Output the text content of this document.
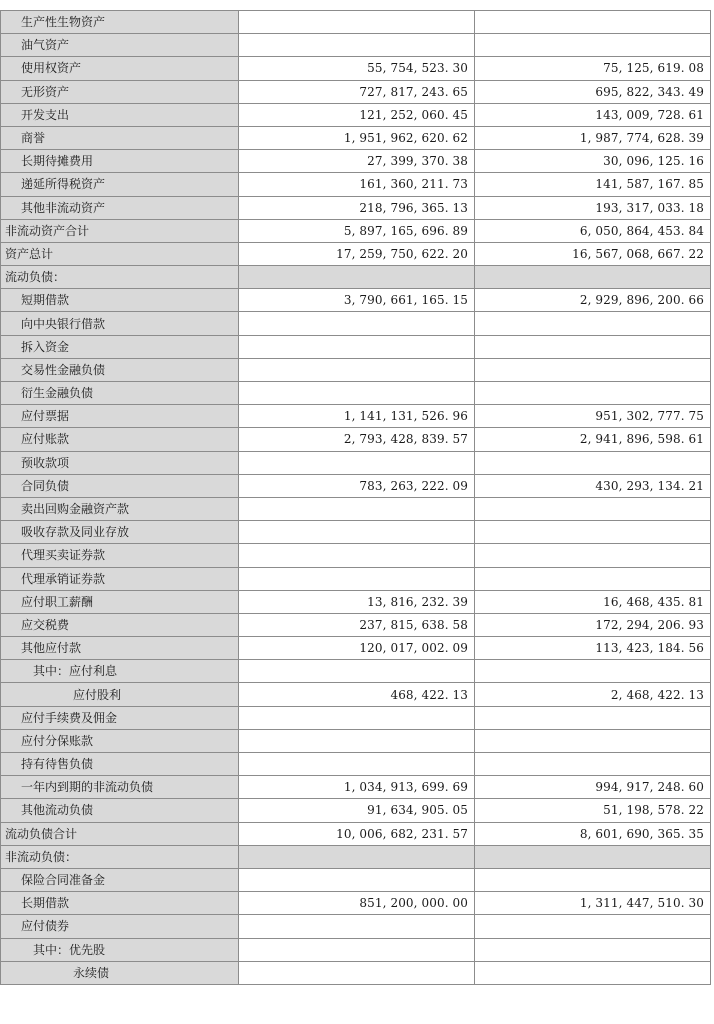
生产性生物资产		
油气资产		
使用权资产	55, 754, 523. 30	75, 125, 619. 08
无形资产	727, 817, 243. 65	695, 822, 343. 49
开发支出	121, 252, 060. 45	143, 009, 728. 61
商誉	1, 951, 962, 620. 62	1, 987, 774, 628. 39
长期待摊费用	27, 399, 370. 38	30, 096, 125. 16
递延所得税资产	161, 360, 211. 73	141, 587, 167. 85
其他非流动资产	218, 796, 365. 13	193, 317, 033. 18
非流动资产合计	5, 897, 165, 696. 89	6, 050, 864, 453. 84
资产总计	17, 259, 750, 622. 20	16, 567, 068, 667. 22
流动负债：		
短期借款	3, 790, 661, 165. 15	2, 929, 896, 200. 66
向中央银行借款		
拆入资金		
交易性金融负债		
衍生金融负债		
应付票据	1, 141, 131, 526. 96	951, 302, 777. 75
应付账款	2, 793, 428, 839. 57	2, 941, 896, 598. 61
预收款项		
合同负债	783, 263, 222. 09	430, 293, 134. 21
卖出回购金融资产款		
吸收存款及同业存放		
代理买卖证券款		
代理承销证券款		
应付职工薪酬	13, 816, 232. 39	16, 468, 435. 81
应交税费	237, 815, 638. 58	172, 294, 206. 93
其他应付款	120, 017, 002. 09	113, 423, 184. 56
其中：应付利息		
应付股利	468, 422. 13	2, 468, 422. 13
应付手续费及佣金		
应付分保账款		
持有待售负债		
一年内到期的非流动负债	1, 034, 913, 699. 69	994, 917, 248. 60
其他流动负债	91, 634, 905. 05	51, 198, 578. 22
流动负债合计	10, 006, 682, 231. 57	8, 601, 690, 365. 35
非流动负债：		
保险合同准备金		
长期借款	851, 200, 000. 00	1, 311, 447, 510. 30
应付债券		
其中：优先股		
永续债		
